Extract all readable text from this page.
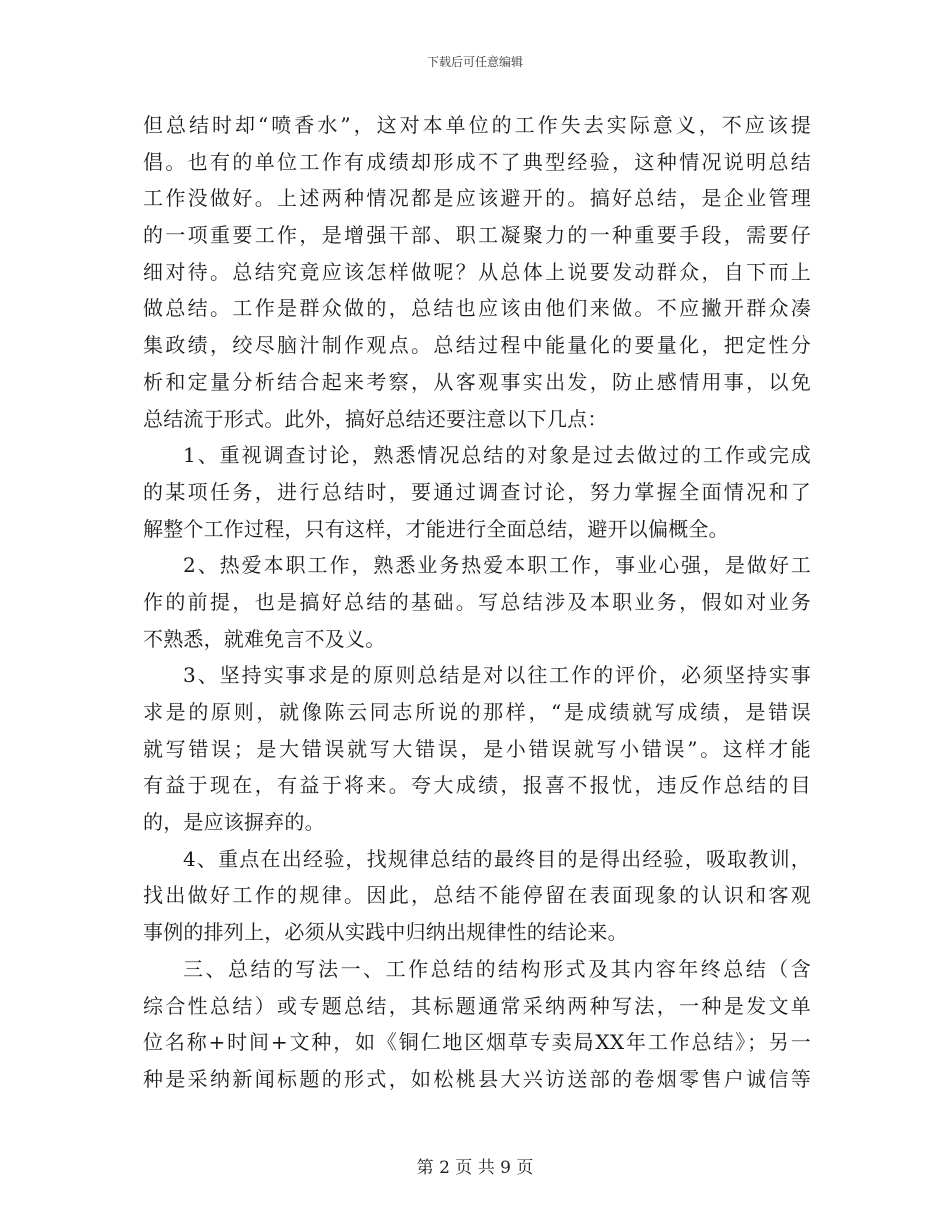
下载后可任意编辑
但总结时却“喷香水”，这对本单位的工作失去实际意义，不应该提
倡。也有的单位工作有成绩却形成不了典型经验，这种情况说明总结
工作没做好。上述两种情况都是应该避开的。搞好总结，是企业管理
的一项重要工作，是增强干部、职工凝聚力的一种重要手段，需要仔
细对待。总结究竟应该怎样做呢？从总体上说要发动群众，自下而上
做总结。工作是群众做的，总结也应该由他们来做。不应撇开群众凑
集政绩，绞尽脑汁制作观点。总结过程中能量化的要量化，把定性分
析和定量分析结合起来考察，从客观事实出发，防止感情用事，以免
总结流于形式。此外，搞好总结还要注意以下几点：
1、重视调查讨论，熟悉情况总结的对象是过去做过的工作或完成
的某项任务，进行总结时，要通过调查讨论，努力掌握全面情况和了
解整个工作过程，只有这样，才能进行全面总结，避开以偏概全。
2、热爱本职工作，熟悉业务热爱本职工作，事业心强，是做好工
作的前提，也是搞好总结的基础。写总结涉及本职业务，假如对业务
不熟悉，就难免言不及义。
3、坚持实事求是的原则总结是对以往工作的评价，必须坚持实事
求是的原则，就像陈云同志所说的那样，“是成绩就写成绩，是错误
就写错误；是大错误就写大错误，是小错误就写小错误”。这样才能
有益于现在，有益于将来。夸大成绩，报喜不报忧，违反作总结的目
的，是应该摒弃的。
4、重点在出经验，找规律总结的最终目的是得出经验，吸取教训，
找出做好工作的规律。因此，总结不能停留在表面现象的认识和客观
事例的排列上，必须从实践中归纳出规律性的结论来。
三、总结的写法一、工作总结的结构形式及其内容年终总结（含
综合性总结）或专题总结，其标题通常采纳两种写法，一种是发文单
位名称+时间+文种，如《铜仁地区烟草专卖局XX年工作总结》；另一
种是采纳新闻标题的形式，如松桃县大兴访送部的卷烟零售户诚信等
第 2 页 共 9 页
